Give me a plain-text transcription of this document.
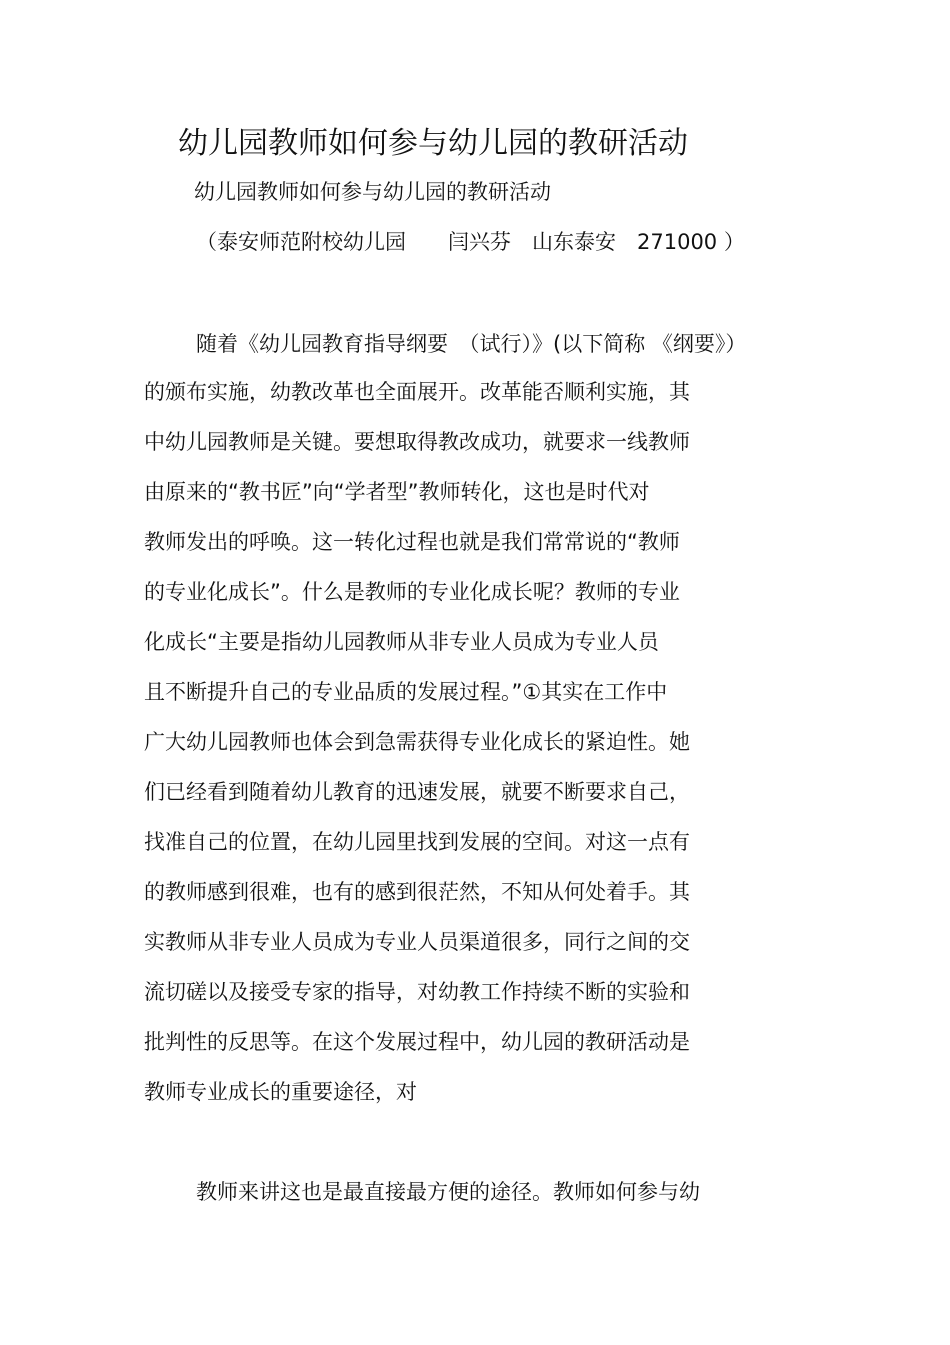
幼儿园教师如何参与幼儿园的教研活动
幼儿园教师如何参与幼儿园的教研活动
（泰安师范附校幼儿园　　闫兴芬　山东泰安　271000 ）
随着《幼儿园教育指导纲要　（试行）》(以下简称 《纲要》）
的颁布实施，幼教改革也全面展开。改革能否顺利实施，其
中幼儿园教师是关键。要想取得教改成功，就要求一线教师
由原来的“教书匠”向“学者型”教师转化，这也是时代对
教师发出的呼唤。这一转化过程也就是我们常常说的“教师
的专业化成长”。什么是教师的专业化成长呢？教师的专业
化成长“主要是指幼儿园教师从非专业人员成为专业人员
且不断提升自己的专业品质的发展过程。”①其实在工作中
广大幼儿园教师也体会到急需获得专业化成长的紧迫性。她
们已经看到随着幼儿教育的迅速发展，就要不断要求自己，
找准自己的位置，在幼儿园里找到发展的空间。对这一点有
的教师感到很难，也有的感到很茫然，不知从何处着手。其
实教师从非专业人员成为专业人员渠道很多，同行之间的交
流切磋以及接受专家的指导，对幼教工作持续不断的实验和
批判性的反思等。在这个发展过程中，幼儿园的教研活动是
教师专业成长的重要途径，对
教师来讲这也是最直接最方便的途径。教师如何参与幼
